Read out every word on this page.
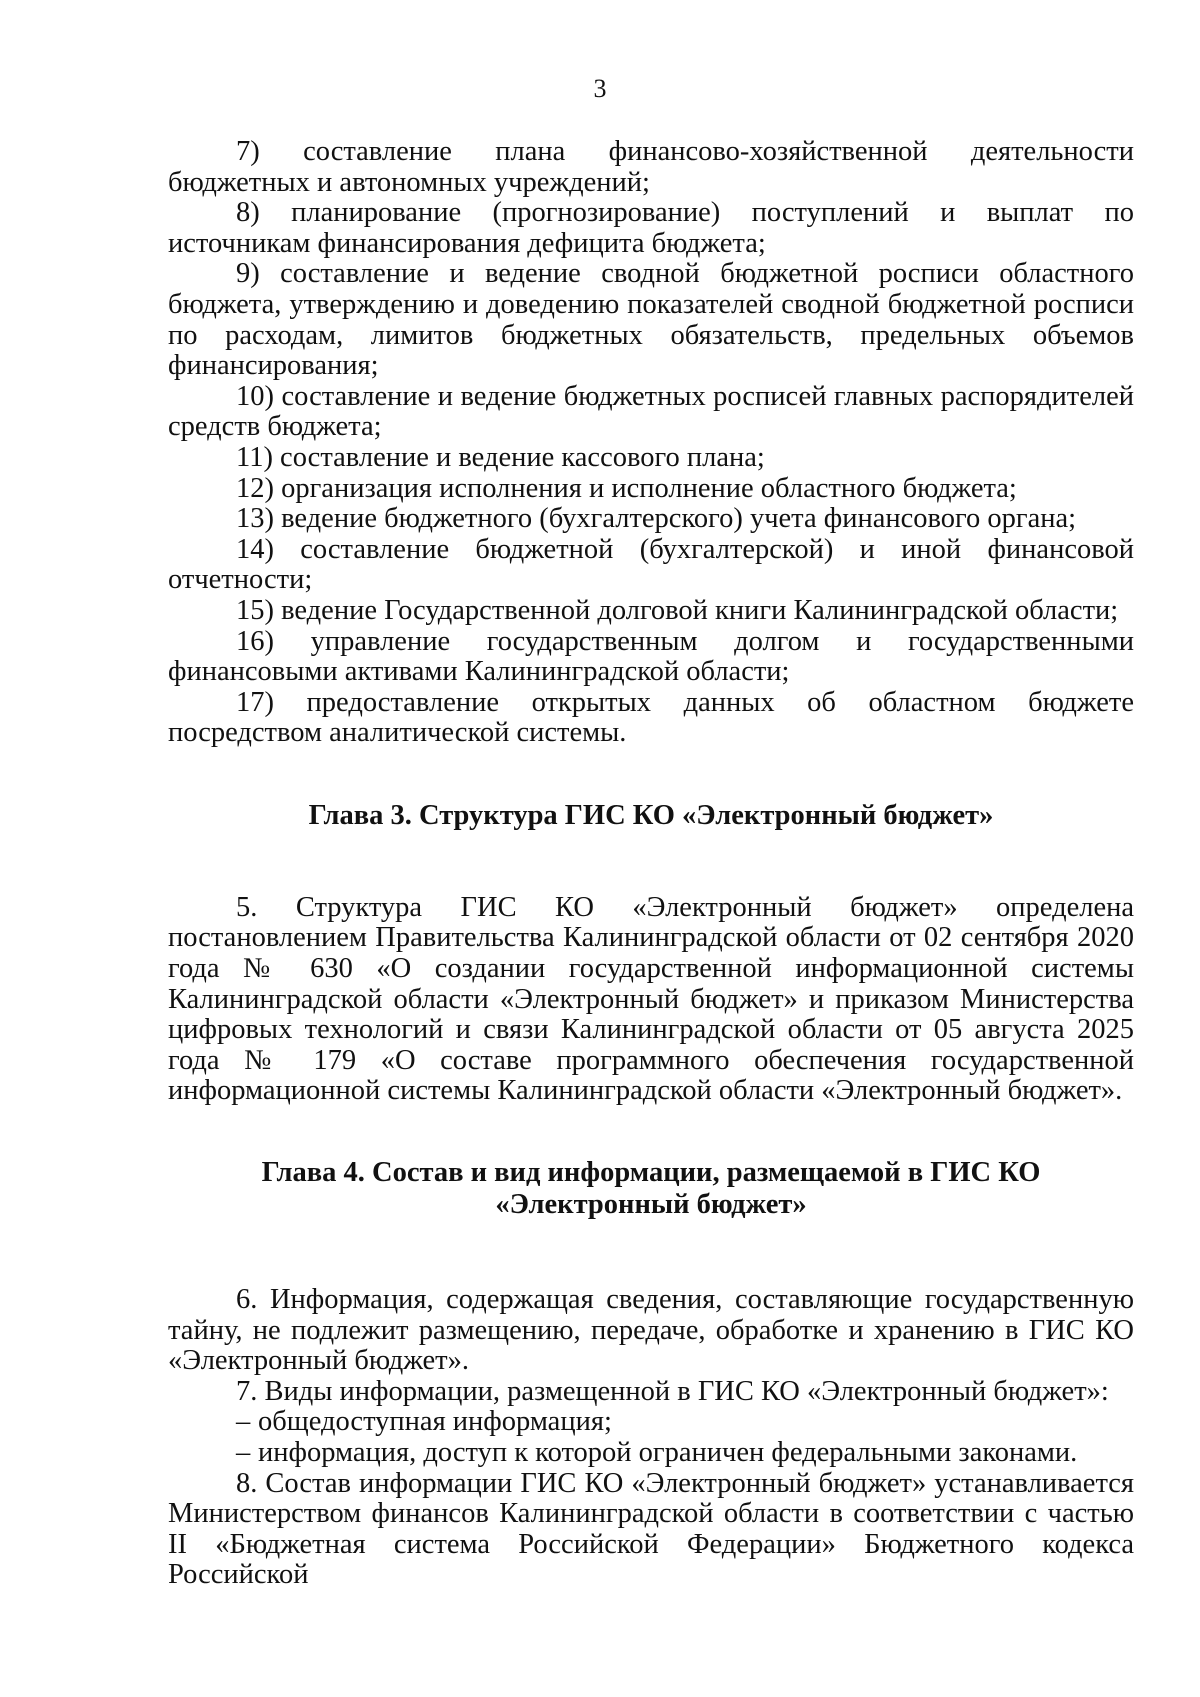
3

7) составление плана финансово-хозяйственной деятельности бюджетных и автономных учреждений;

8) планирование (прогнозирование) поступлений и выплат по источникам финансирования дефицита бюджета;

9) составление и ведение сводной бюджетной росписи областного бюджета, утверждению и доведению показателей сводной бюджетной росписи по расходам, лимитов бюджетных обязательств, предельных объемов финансирования;

10) составление и ведение бюджетных росписей главных распорядителей средств бюджета;

11) составление и ведение кассового плана;

12) организация исполнения и исполнение областного бюджета;

13) ведение бюджетного (бухгалтерского) учета финансового органа;

14) составление бюджетной (бухгалтерской) и иной финансовой отчетности;

15) ведение Государственной долговой книги Калининградской области;

16) управление государственным долгом и государственными финансовыми активами Калининградской области;

17) предоставление открытых данных об областном бюджете посредством аналитической системы.

Глава 3. Структура ГИС КО «Электронный бюджет»

5. Структура ГИС КО «Электронный бюджет» определена постановлением Правительства Калининградской области от 02 сентября 2020 года № 630 «О создании государственной информационной системы Калининградской области «Электронный бюджет» и приказом Министерства цифровых технологий и связи Калининградской области от 05 августа 2025 года № 179 «О составе программного обеспечения государственной информационной системы Калининградской области «Электронный бюджет».

Глава 4. Состав и вид информации, размещаемой в ГИС КО
«Электронный бюджет»

6. Информация, содержащая сведения, составляющие государственную тайну, не подлежит размещению, передаче, обработке и хранению в ГИС КО «Электронный бюджет».

7. Виды информации, размещенной в ГИС КО «Электронный бюджет»:

– общедоступная информация;

– информация, доступ к которой ограничен федеральными законами.

8. Состав информации ГИС КО «Электронный бюджет» устанавливается Министерством финансов Калининградской области в соответствии с частью II «Бюджетная система Российской Федерации» Бюджетного кодекса Российской
